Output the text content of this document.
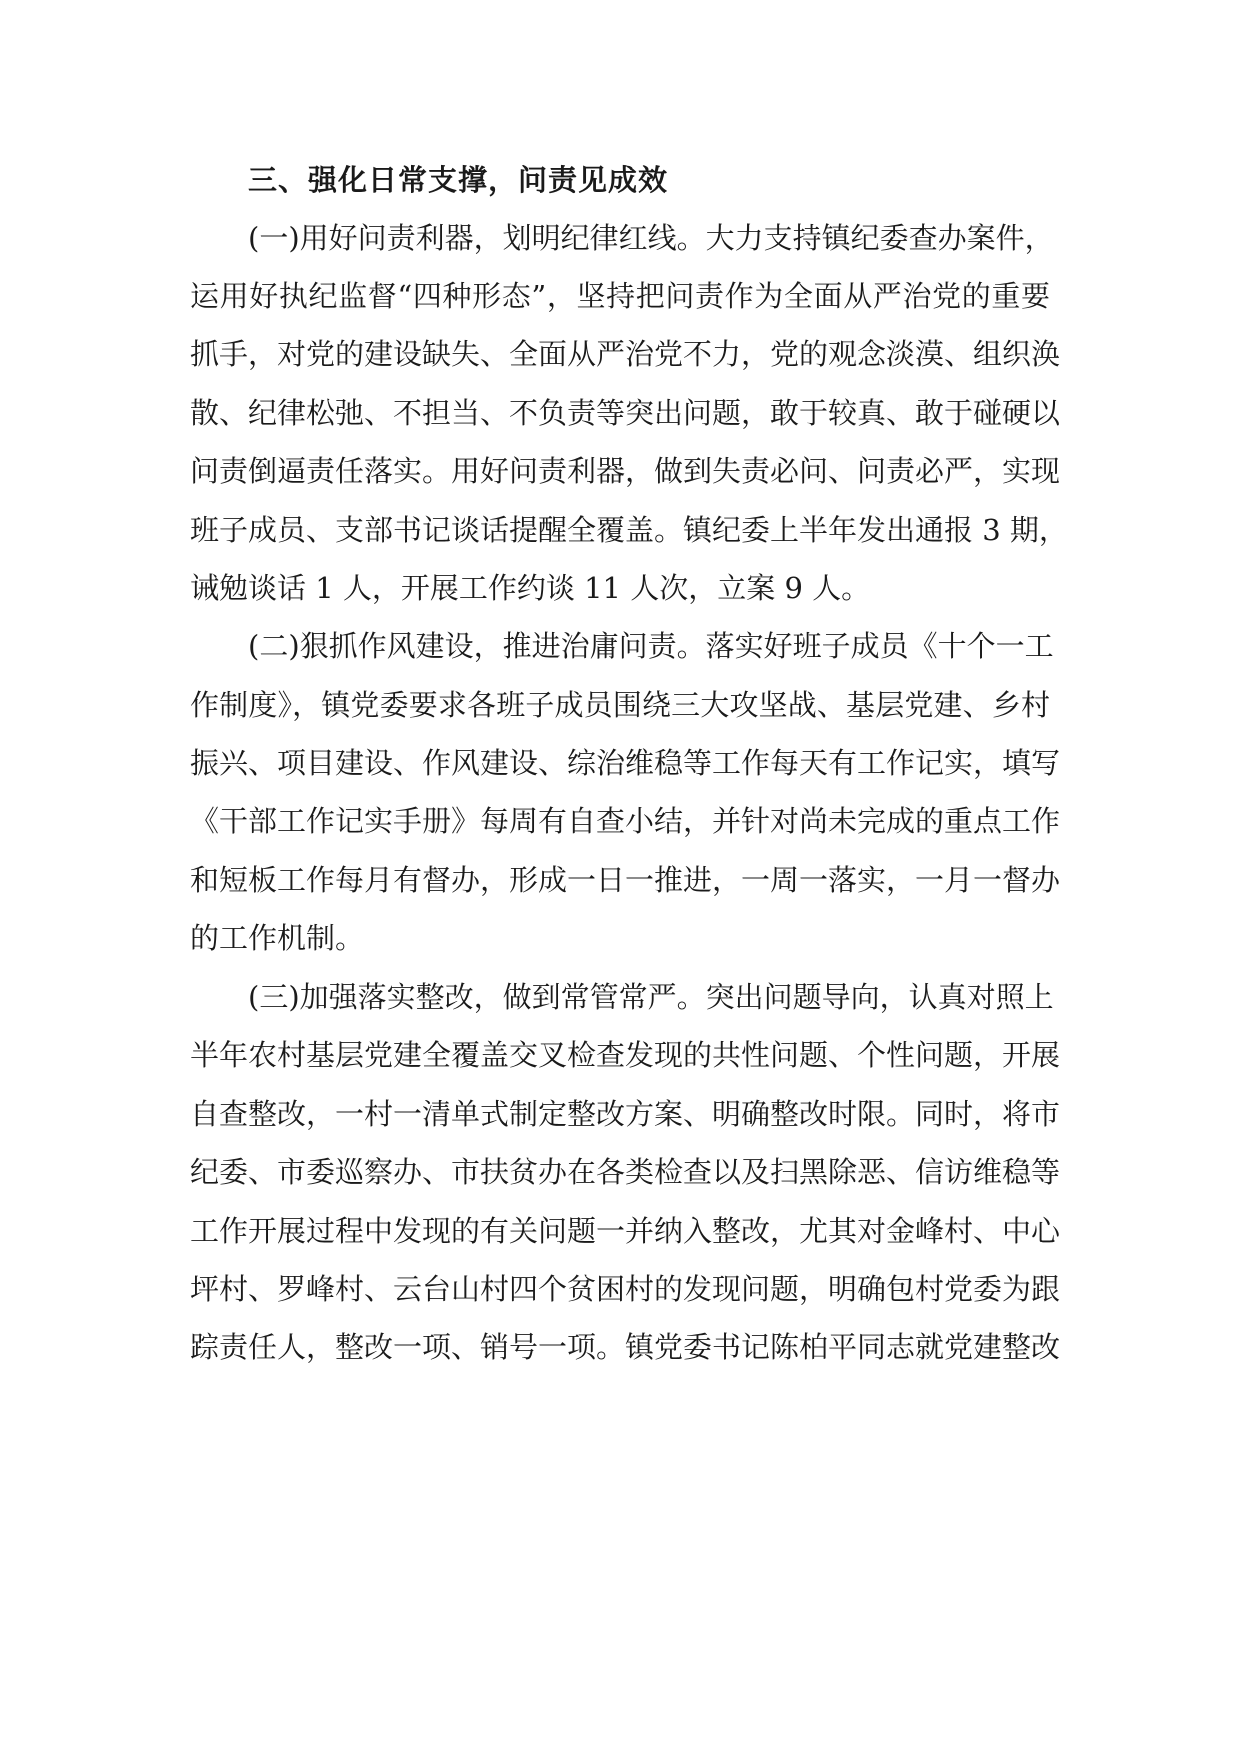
三、强化日常支撑，问责见成效
(一)用好问责利器，划明纪律红线。大力支持镇纪委查办案件，
运用好执纪监督“四种形态”，坚持把问责作为全面从严治党的重要
抓手，对党的建设缺失、全面从严治党不力，党的观念淡漠、组织涣
散、纪律松弛、不担当、不负责等突出问题，敢于较真、敢于碰硬以
问责倒逼责任落实。用好问责利器，做到失责必问、问责必严，实现
班子成员、支部书记谈话提醒全覆盖。镇纪委上半年发出通报 3 期，
诫勉谈话 1 人，开展工作约谈 11 人次，立案 9 人。
(二)狠抓作风建设，推进治庸问责。落实好班子成员《十个一工
作制度》，镇党委要求各班子成员围绕三大攻坚战、基层党建、乡村
振兴、项目建设、作风建设、综治维稳等工作每天有工作记实，填写
《干部工作记实手册》每周有自查小结，并针对尚未完成的重点工作
和短板工作每月有督办，形成一日一推进，一周一落实，一月一督办
的工作机制。
(三)加强落实整改，做到常管常严。突出问题导向，认真对照上
半年农村基层党建全覆盖交叉检查发现的共性问题、个性问题，开展
自查整改，一村一清单式制定整改方案、明确整改时限。同时，将市
纪委、市委巡察办、市扶贫办在各类检查以及扫黑除恶、信访维稳等
工作开展过程中发现的有关问题一并纳入整改，尤其对金峰村、中心
坪村、罗峰村、云台山村四个贫困村的发现问题，明确包村党委为跟
踪责任人，整改一项、销号一项。镇党委书记陈柏平同志就党建整改
